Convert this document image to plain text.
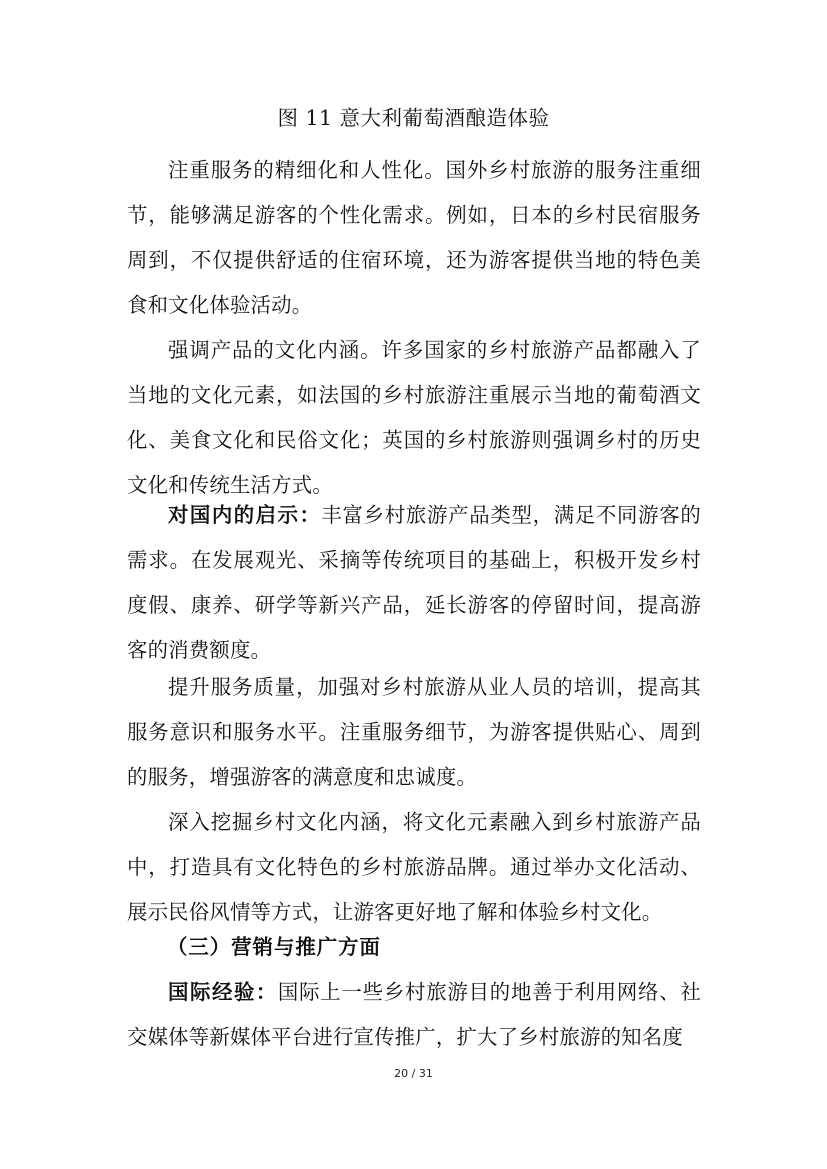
图 11 意大利葡萄酒酿造体验
注重服务的精细化和人性化。国外乡村旅游的服务注重细节，能够满足游客的个性化需求。例如，日本的乡村民宿服务周到，不仅提供舒适的住宿环境，还为游客提供当地的特色美食和文化体验活动。
强调产品的文化内涵。许多国家的乡村旅游产品都融入了当地的文化元素，如法国的乡村旅游注重展示当地的葡萄酒文化、美食文化和民俗文化；英国的乡村旅游则强调乡村的历史文化和传统生活方式。
对国内的启示：丰富乡村旅游产品类型，满足不同游客的需求。在发展观光、采摘等传统项目的基础上，积极开发乡村度假、康养、研学等新兴产品，延长游客的停留时间，提高游客的消费额度。
提升服务质量，加强对乡村旅游从业人员的培训，提高其服务意识和服务水平。注重服务细节，为游客提供贴心、周到的服务，增强游客的满意度和忠诚度。
深入挖掘乡村文化内涵，将文化元素融入到乡村旅游产品中，打造具有文化特色的乡村旅游品牌。通过举办文化活动、展示民俗风情等方式，让游客更好地了解和体验乡村文化。
（三）营销与推广方面
国际经验：国际上一些乡村旅游目的地善于利用网络、社交媒体等新媒体平台进行宣传推广，扩大了乡村旅游的知名度
20 / 31
